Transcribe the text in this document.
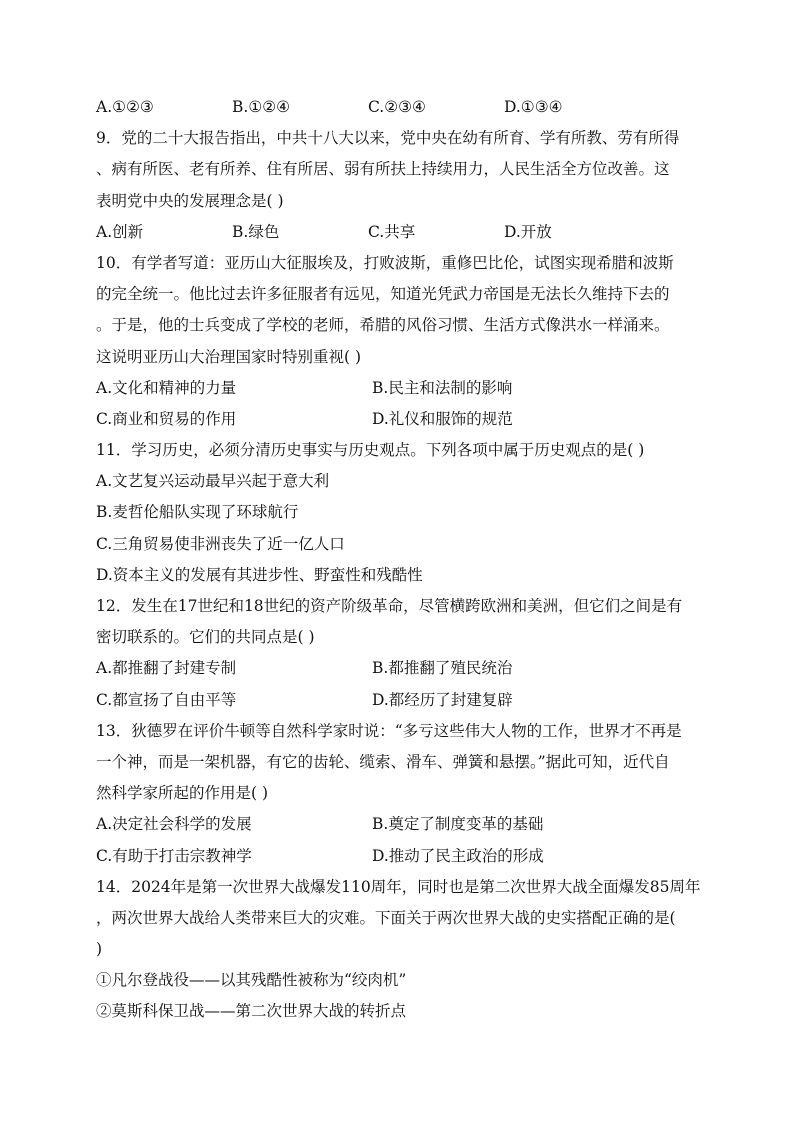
A.①②③	B.①②④	C.②③④	D.①③④
9．党的二十大报告指出，中共十八大以来，党中央在幼有所育、学有所教、劳有所得
、病有所医、老有所养、住有所居、弱有所扶上持续用力，人民生活全方位改善。这
表明党中央的发展理念是( )
A.创新	B.绿色	C.共享	D.开放
10．有学者写道：亚历山大征服埃及，打败波斯，重修巴比伦，试图实现希腊和波斯
的完全统一。他比过去许多征服者有远见，知道光凭武力帝国是无法长久维持下去的
。于是，他的士兵变成了学校的老师，希腊的风俗习惯、生活方式像洪水一样涌来。
这说明亚历山大治理国家时特别重视( )
A.文化和精神的力量	B.民主和法制的影响
C.商业和贸易的作用	D.礼仪和服饰的规范
11．学习历史，必须分清历史事实与历史观点。下列各项中属于历史观点的是( )
A.文艺复兴运动最早兴起于意大利
B.麦哲伦船队实现了环球航行
C.三角贸易使非洲丧失了近一亿人口
D.资本主义的发展有其进步性、野蛮性和残酷性
12．发生在17世纪和18世纪的资产阶级革命，尽管横跨欧洲和美洲，但它们之间是有
密切联系的。它们的共同点是( )
A.都推翻了封建专制	B.都推翻了殖民统治
C.都宣扬了自由平等	D.都经历了封建复辟
13．狄德罗在评价牛顿等自然科学家时说：“多亏这些伟大人物的工作，世界才不再是
一个神，而是一架机器，有它的齿轮、缆索、滑车、弹簧和悬摆。”据此可知，近代自
然科学家所起的作用是( )
A.决定社会科学的发展	B.奠定了制度变革的基础
C.有助于打击宗教神学	D.推动了民主政治的形成
14．2024年是第一次世界大战爆发110周年，同时也是第二次世界大战全面爆发85周年
，两次世界大战给人类带来巨大的灾难。下面关于两次世界大战的史实搭配正确的是(
)
①凡尔登战役——以其残酷性被称为“绞肉机”
②莫斯科保卫战——第二次世界大战的转折点
